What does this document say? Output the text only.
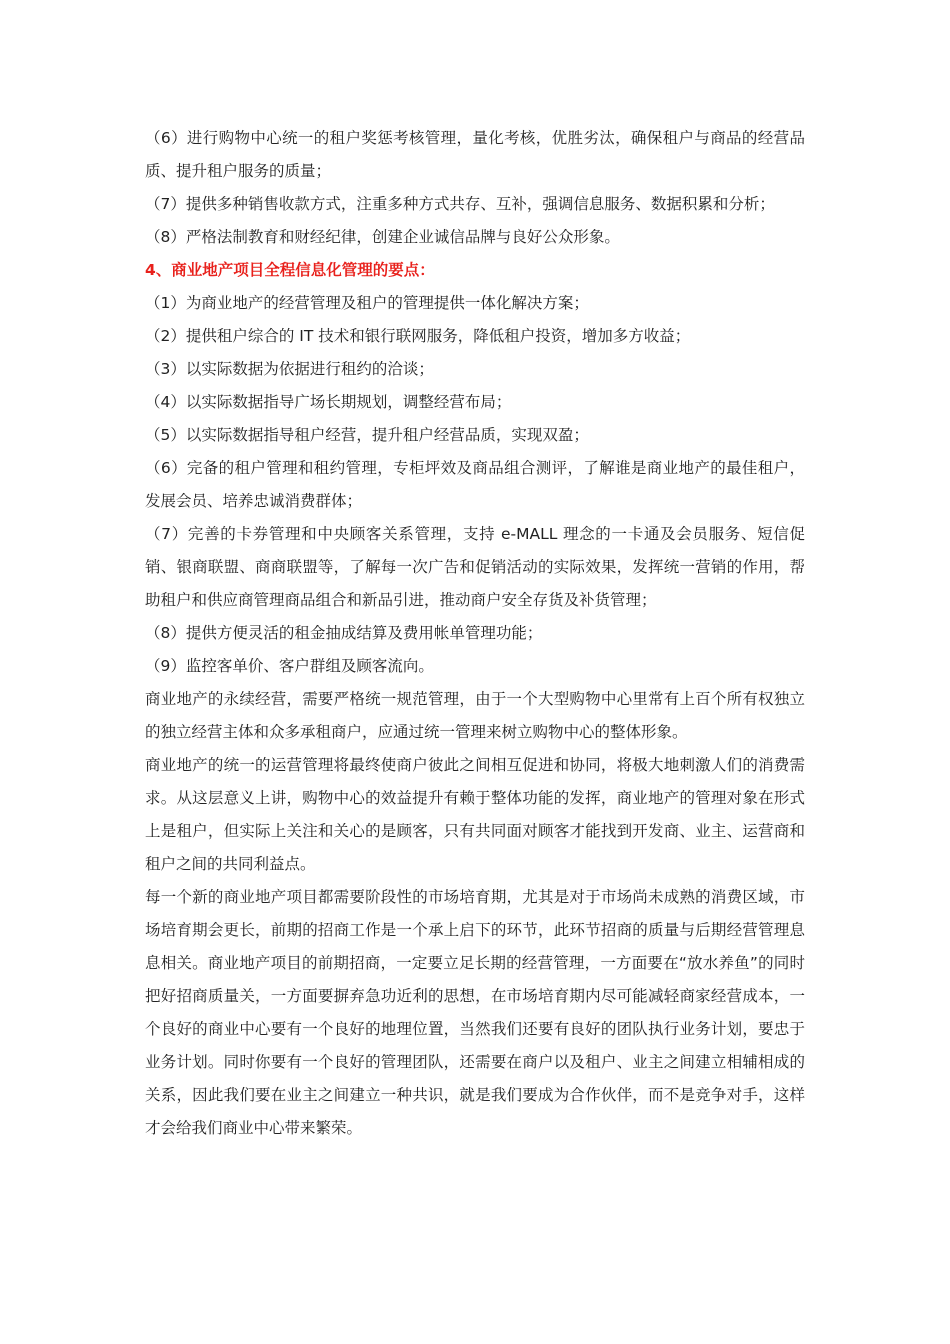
（6）进行购物中心统一的租户奖惩考核管理，量化考核，优胜劣汰，确保租户与商品的经营品质、提升租户服务的质量；

（7）提供多种销售收款方式，注重多种方式共存、互补，强调信息服务、数据积累和分析；

（8）严格法制教育和财经纪律，创建企业诚信品牌与良好公众形象。

4、商业地产项目全程信息化管理的要点：

（1）为商业地产的经营管理及租户的管理提供一体化解决方案；

（2）提供租户综合的 IT 技术和银行联网服务，降低租户投资，增加多方收益；

（3）以实际数据为依据进行租约的洽谈；

（4）以实际数据指导广场长期规划，调整经营布局；

（5）以实际数据指导租户经营，提升租户经营品质，实现双盈；

（6）完备的租户管理和租约管理，专柜坪效及商品组合测评，了解谁是商业地产的最佳租户，发展会员、培养忠诚消费群体；

（7）完善的卡券管理和中央顾客关系管理，支持 e-MALL 理念的一卡通及会员服务、短信促销、银商联盟、商商联盟等，了解每一次广告和促销活动的实际效果，发挥统一营销的作用，帮助租户和供应商管理商品组合和新品引进，推动商户安全存货及补货管理；

（8）提供方便灵活的租金抽成结算及费用帐单管理功能；

（9）监控客单价、客户群组及顾客流向。

商业地产的永续经营，需要严格统一规范管理，由于一个大型购物中心里常有上百个所有权独立的独立经营主体和众多承租商户，应通过统一管理来树立购物中心的整体形象。

商业地产的统一的运营管理将最终使商户彼此之间相互促进和协同，将极大地刺激人们的消费需求。从这层意义上讲，购物中心的效益提升有赖于整体功能的发挥，商业地产的管理对象在形式上是租户，但实际上关注和关心的是顾客，只有共同面对顾客才能找到开发商、业主、运营商和租户之间的共同利益点。

每一个新的商业地产项目都需要阶段性的市场培育期，尤其是对于市场尚未成熟的消费区域，市场培育期会更长，前期的招商工作是一个承上启下的环节，此环节招商的质量与后期经营管理息息相关。商业地产项目的前期招商，一定要立足长期的经营管理，一方面要在“放水养鱼”的同时把好招商质量关，一方面要摒弃急功近利的思想，在市场培育期内尽可能减轻商家经营成本，一个良好的商业中心要有一个良好的地理位置，当然我们还要有良好的团队执行业务计划，要忠于业务计划。同时你要有一个良好的管理团队，还需要在商户以及租户、业主之间建立相辅相成的关系，因此我们要在业主之间建立一种共识，就是我们要成为合作伙伴，而不是竞争对手，这样才会给我们商业中心带来繁荣。
